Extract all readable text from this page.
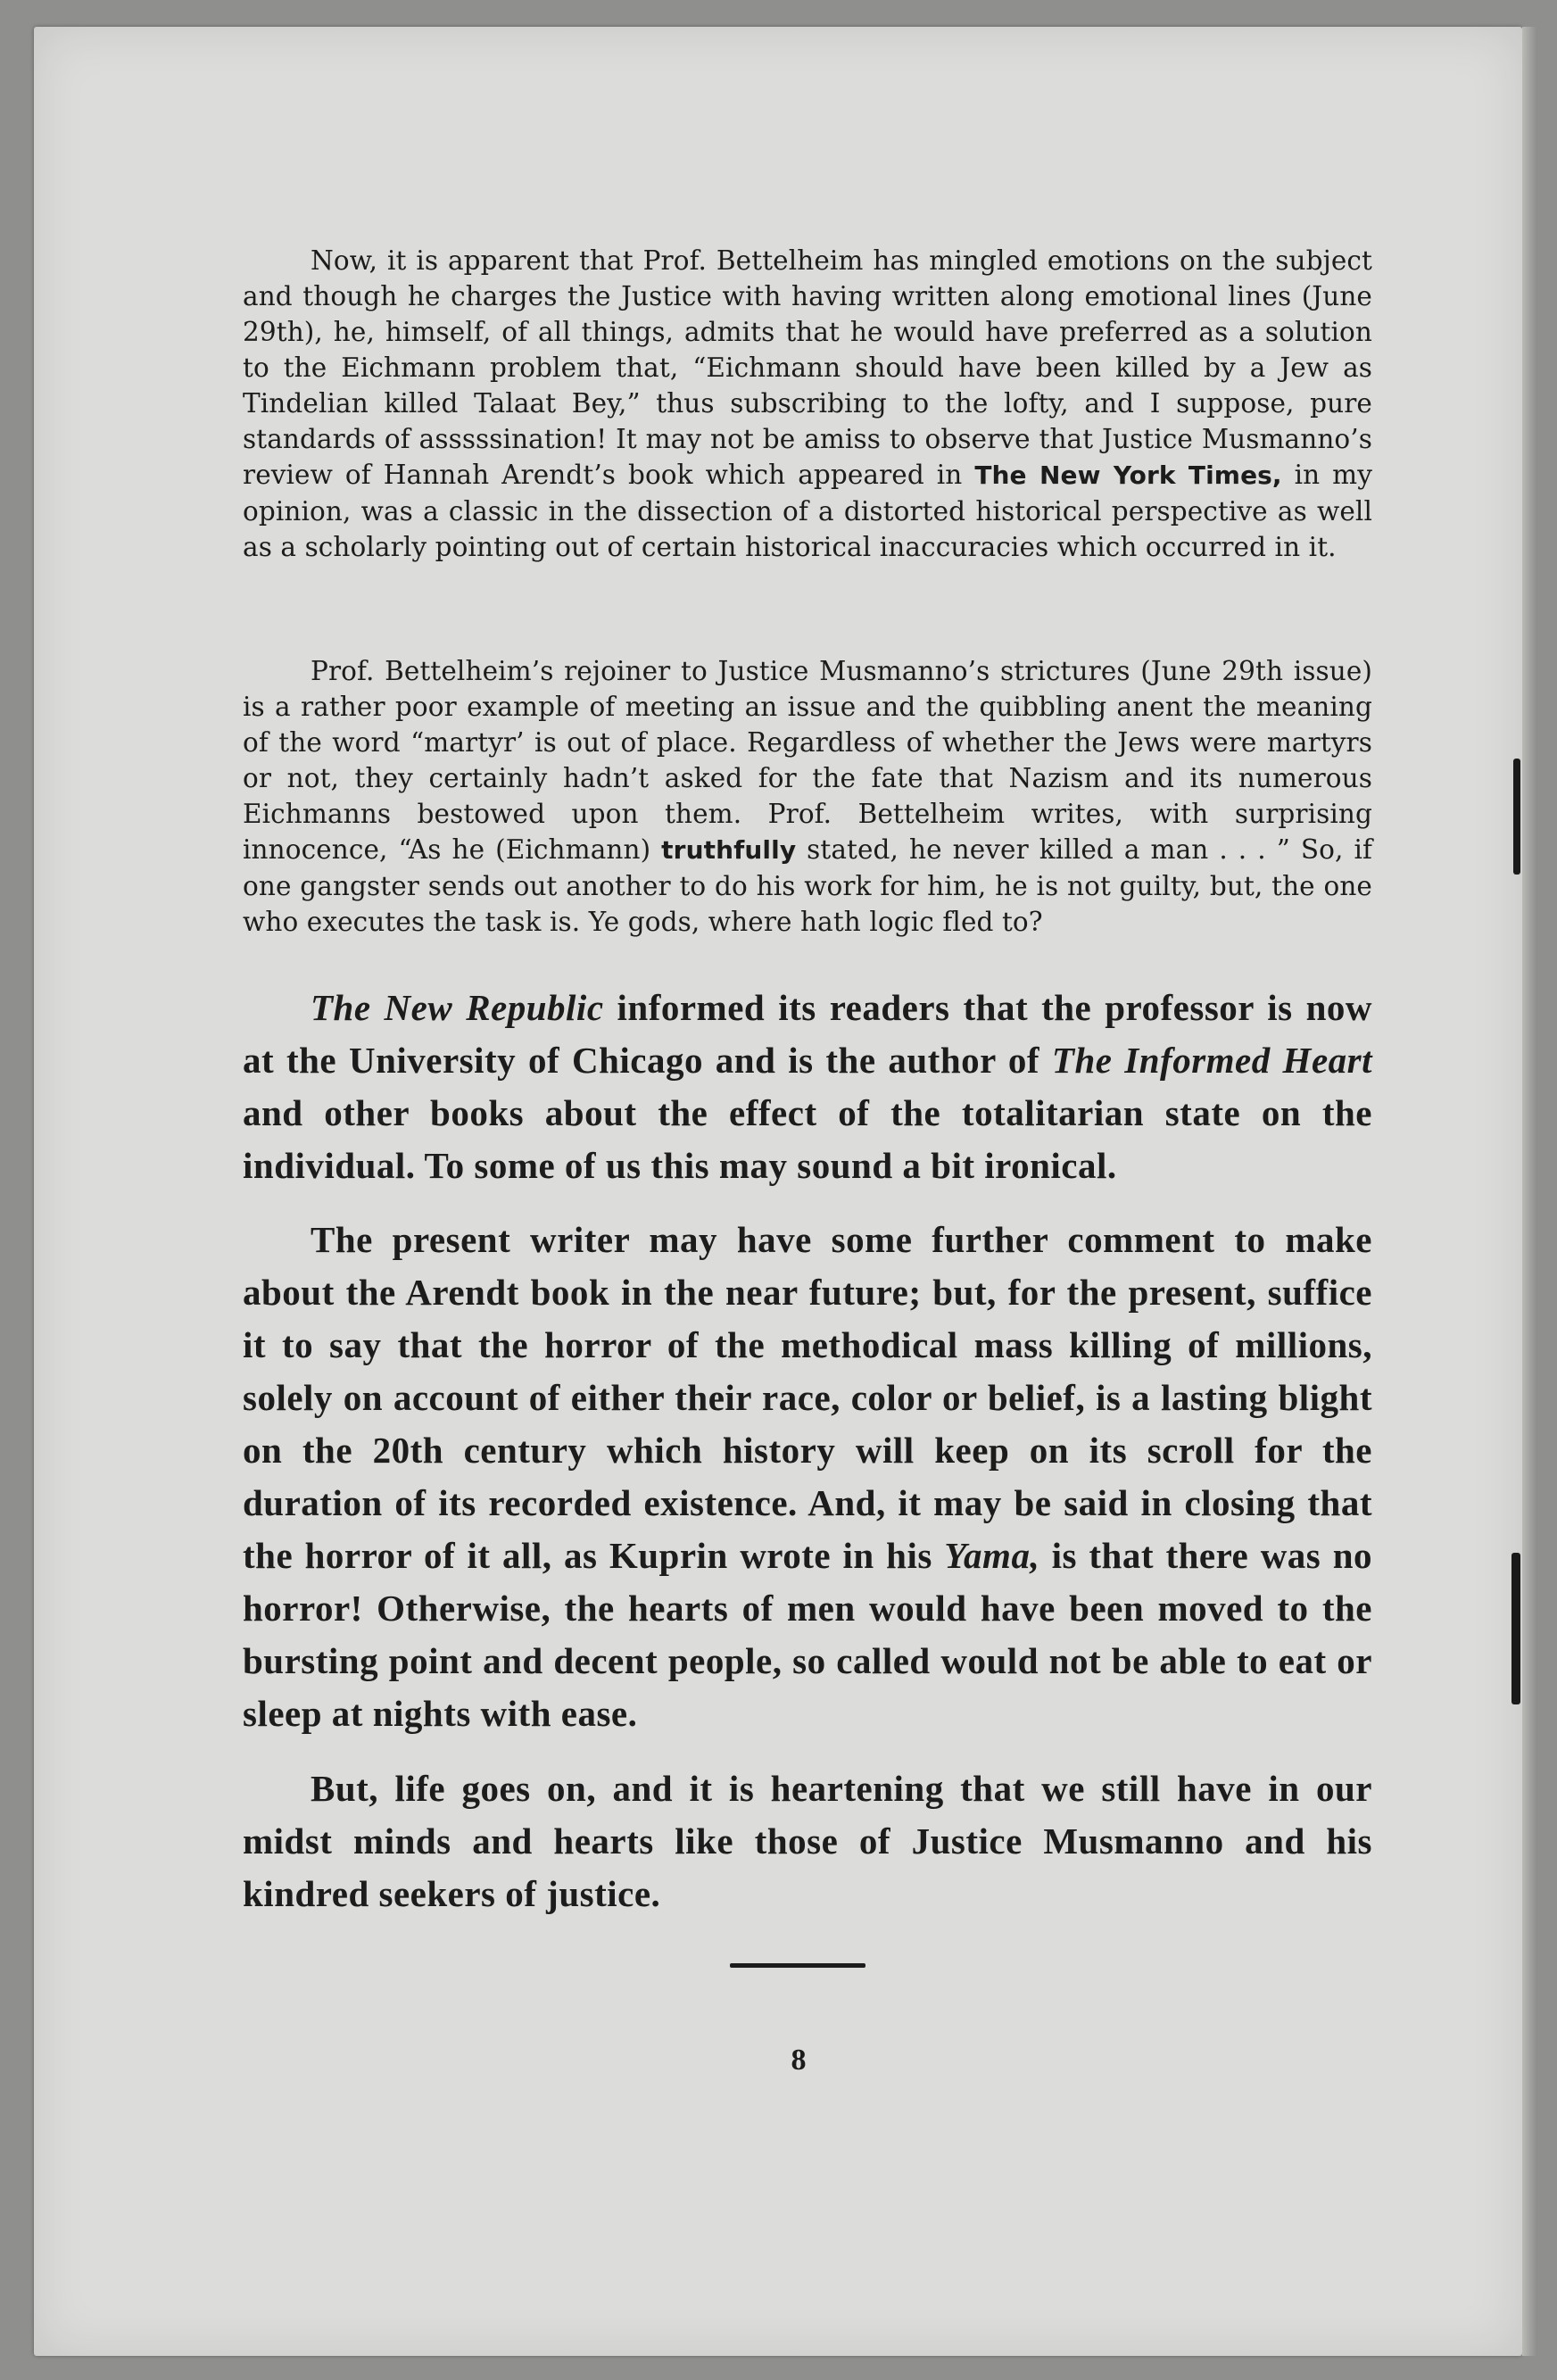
Now, it is apparent that Prof. Bettelheim has mingled emotions on the subject and though he charges the Justice with having written along emotional lines (June 29th), he, himself, of all things, admits that he would have preferred as a solution to the Eichmann problem that, “Eichmann should have been killed by a Jew as Tindelian killed Talaat Bey,” thus subscribing to the lofty, and I suppose, pure standards of asssssination! It may not be amiss to observe that Justice Musmanno’s review of Hannah Arendt’s book which appeared in The New York Times, in my opinion, was a classic in the dissection of a distorted historical perspective as well as a scholarly pointing out of certain historical inaccuracies which occurred in it.
Prof. Bettelheim’s rejoiner to Justice Musmanno’s strictures (June 29th issue) is a rather poor example of meeting an issue and the quibbling anent the meaning of the word “martyr’ is out of place. Regardless of whether the Jews were martyrs or not, they certainly hadn’t asked for the fate that Nazism and its numerous Eichmanns bestowed upon them. Prof. Bettelheim writes, with surprising innocence, “As he (Eichmann) truthfully stated, he never killed a man . . . ” So, if one gangster sends out another to do his work for him, he is not guilty, but, the one who executes the task is. Ye gods, where hath logic fled to?
The New Republic informed its readers that the professor is now at the University of Chicago and is the author of The Informed Heart and other books about the effect of the totalitarian state on the individual. To some of us this may sound a bit ironical.
The present writer may have some further comment to make about the Arendt book in the near future; but, for the present, suffice it to say that the horror of the methodical mass killing of millions, solely on account of either their race, color or belief, is a lasting blight on the 20th century which history will keep on its scroll for the duration of its recorded existence. And, it may be said in closing that the horror of it all, as Kuprin wrote in his Yama, is that there was no horror! Otherwise, the hearts of men would have been moved to the bursting point and decent people, so called would not be able to eat or sleep at nights with ease.
But, life goes on, and it is heartening that we still have in our midst minds and hearts like those of Justice Musmanno and his kindred seekers of justice.
8
